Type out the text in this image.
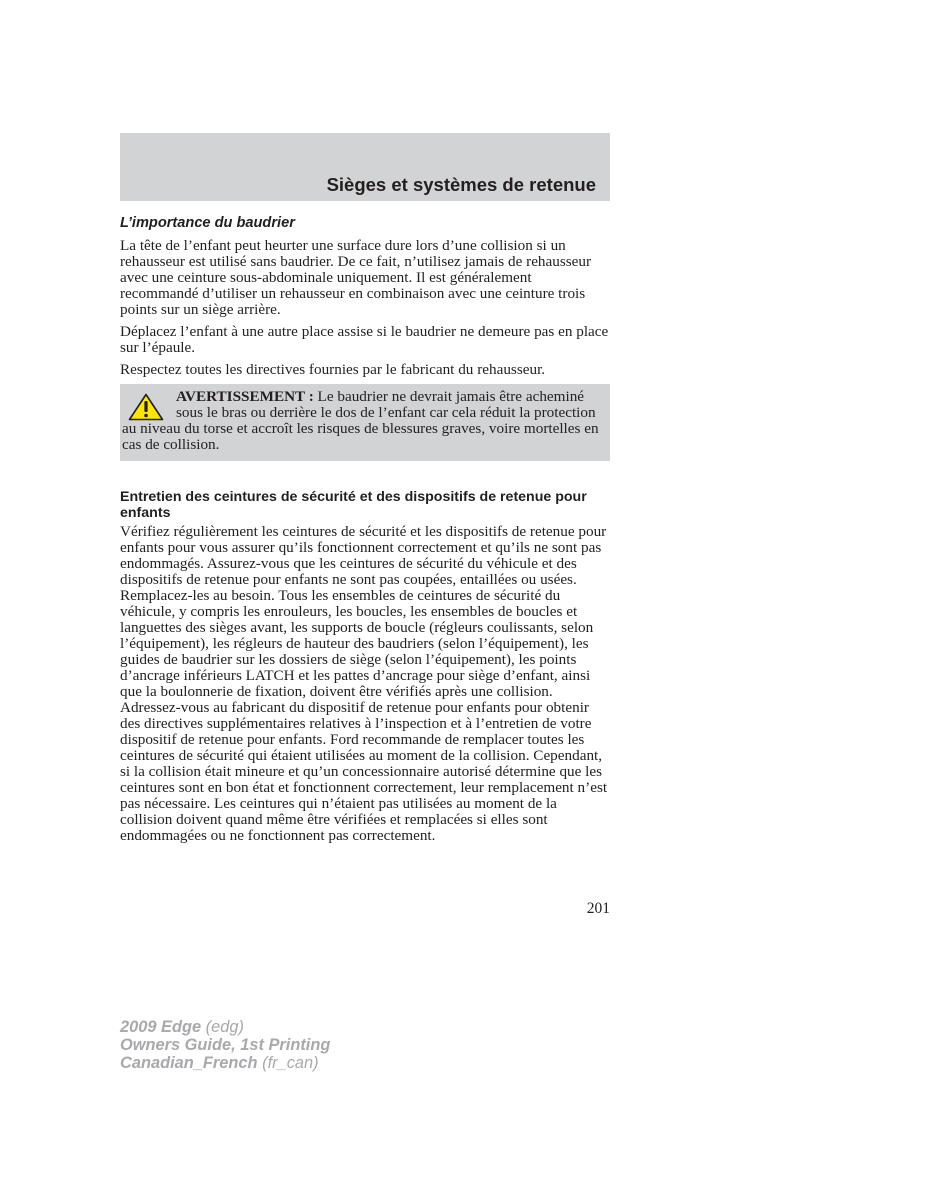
Sièges et systèmes de retenue
L’importance du baudrier

La tête de l’enfant peut heurter une surface dure lors d’une collision si un rehausseur est utilisé sans baudrier. De ce fait, n’utilisez jamais de rehausseur avec une ceinture sous-abdominale uniquement. Il est généralement recommandé d’utiliser un rehausseur en combinaison avec une ceinture trois points sur un siège arrière.

Déplacez l’enfant à une autre place assise si le baudrier ne demeure pas en place sur l’épaule.

Respectez toutes les directives fournies par le fabricant du rehausseur.

AVERTISSEMENT : Le baudrier ne devrait jamais être acheminé sous le bras ou derrière le dos de l’enfant car cela réduit la protection au niveau du torse et accroît les risques de blessures graves, voire mortelles en cas de collision.

Entretien des ceintures de sécurité et des dispositifs de retenue pour enfants

Vérifiez régulièrement les ceintures de sécurité et les dispositifs de retenue pour enfants pour vous assurer qu’ils fonctionnent correctement et qu’ils ne sont pas endommagés. Assurez-vous que les ceintures de sécurité du véhicule et des dispositifs de retenue pour enfants ne sont pas coupées, entaillées ou usées. Remplacez-les au besoin. Tous les ensembles de ceintures de sécurité du véhicule, y compris les enrouleurs, les boucles, les ensembles de boucles et languettes des sièges avant, les supports de boucle (régleurs coulissants, selon l’équipement), les régleurs de hauteur des baudriers (selon l’équipement), les guides de baudrier sur les dossiers de siège (selon l’équipement), les points d’ancrage inférieurs LATCH et les pattes d’ancrage pour siège d’enfant, ainsi que la boulonnerie de fixation, doivent être vérifiés après une collision. Adressez-vous au fabricant du dispositif de retenue pour enfants pour obtenir des directives supplémentaires relatives à l’inspection et à l’entretien de votre dispositif de retenue pour enfants. Ford recommande de remplacer toutes les ceintures de sécurité qui étaient utilisées au moment de la collision. Cependant, si la collision était mineure et qu’un concessionnaire autorisé détermine que les ceintures sont en bon état et fonctionnent correctement, leur remplacement n’est pas nécessaire. Les ceintures qui n’étaient pas utilisées au moment de la collision doivent quand même être vérifiées et remplacées si elles sont endommagées ou ne fonctionnent pas correctement.

201
2009 Edge (edg)
Owners Guide, 1st Printing
Canadian_French (fr_can)
